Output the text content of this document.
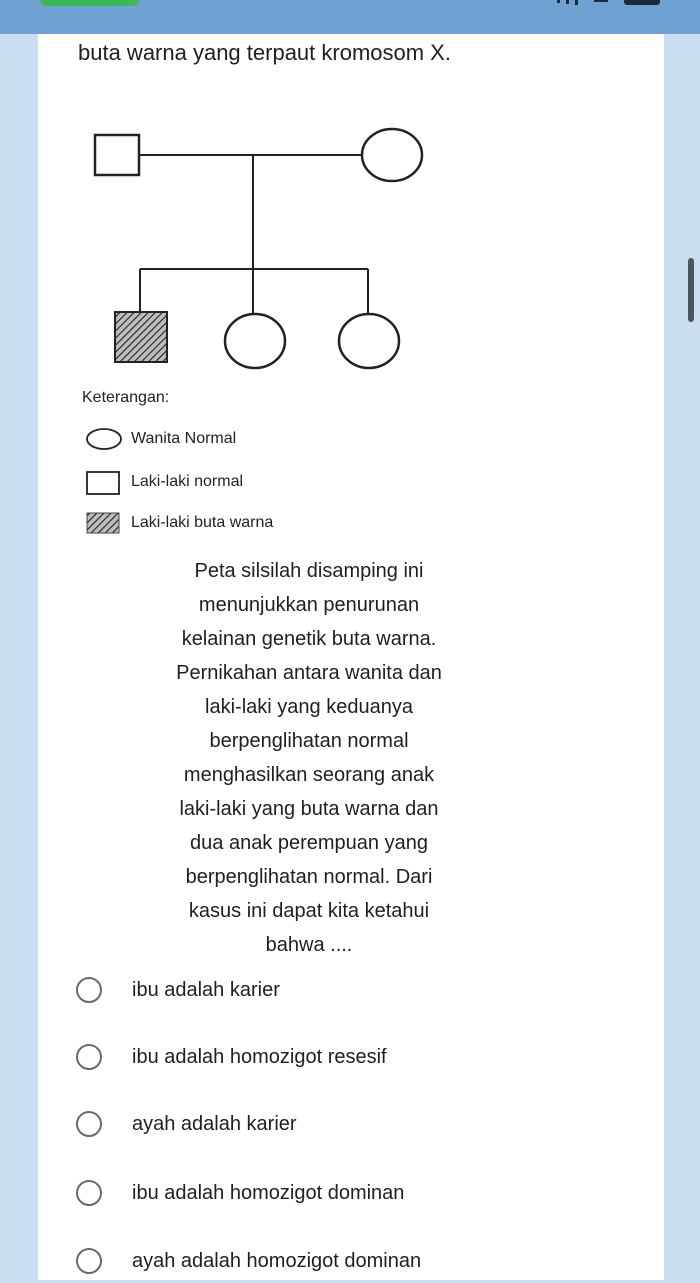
buta warna yang terpaut kromosom X.
Keterangan:
Wanita Normal
Laki-laki normal
Laki-laki buta warna
Peta silsilah disamping ini
menunjukkan penurunan
kelainan genetik buta warna.
Pernikahan antara wanita dan
laki-laki yang keduanya
berpenglihatan normal
menghasilkan seorang anak
laki-laki yang buta warna dan
dua anak perempuan yang
berpenglihatan normal. Dari
kasus ini dapat kita ketahui
bahwa ....
ibu adalah karier
ibu adalah homozigot resesif
ayah adalah karier
ibu adalah homozigot dominan
ayah adalah homozigot dominan
